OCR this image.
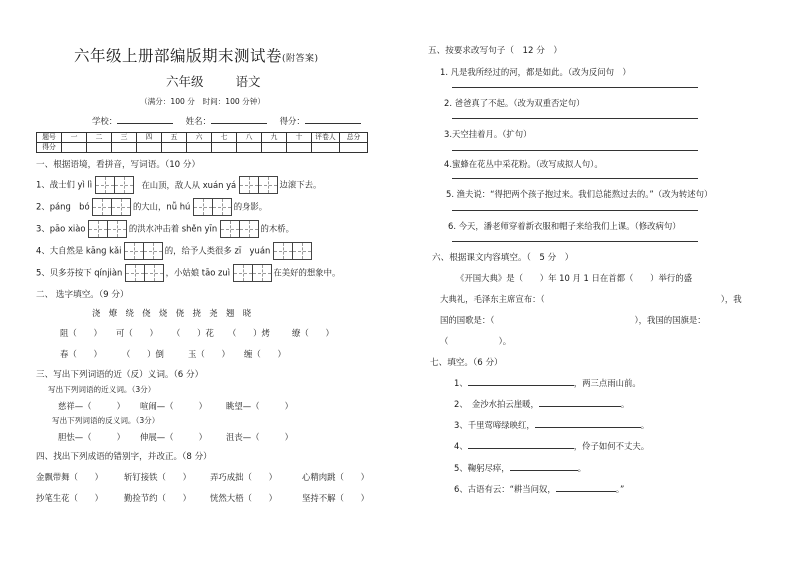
六年级上册部编版期末测试卷(附答案)
六年级	语文
（满分：100 分　时间：100 分钟）
学校：	姓名：	得分：
题号	一	二	三	四	五	六	七	八	九	十	评卷人	总分
得分												
一、根据语境，看拼音，写词语。（10 分）
1、战士们 yì lì	在山顶，敌人从 xuán yá	边滚下去。
2、pánɡ　bó	的大山，nǚ hú	的身影。
3、pāo xiào	的洪水冲击着 shěn yīn	的木桥。
4、大自然是 kānɡ kǎi	的，给予人类很多 zī　yuán
5、贝多芬按下 qínjiàn	，小姑娘 tāo zuì	在美好的想象中。
二、 选字填空。（9 分）
浇　燎　绕　侥　烧　侥　挠　尧　翘　晓
阻（　　） 可（　　） （　　）花 （　　）烤	缭（　　）
春（　　） （　　）倒	玉（　　） 缠（　　）
三、写出下列词语的近（反）义词。（6 分）
写出下列词语的近义词。（3分）
慈祥—（　　　） 喧闹—（　　　） 眺望—（　　　）
写出下列词语的反义词。（3分）
胆怯—（　　　） 伸展—（　　　） 沮丧—（　　　）
四、找出下列成语的错别字，并改正。（8 分）
金飘带舞（　　）	斩钉接铁（　　） 弄巧成拙（　　）	心精肉跳（　　）
抄笔生花（　　）	勤捡节约（　　） 恍然大梧（　　）	坚持不解（　　）
五、按要求改写句子（　12 分　）
1. 凡是我所经过的河，都是如此。（改为反问句　）
2. 爸爸真了不起。（改为双重否定句）
3.天空挂着月。（扩句）
4.蜜蜂在花丛中采花粉。（改写成拟人句）。
5. 渔夫说：“得把两个孩子抱过来。我们总能熬过去的。”（改为转述句）
6. 今天，潘老师穿着新衣服和帽子来给我们上课。（修改病句）
六、根据课文内容填空。（　5 分　）
《开国大典》是（　　）年 10 月 1 日在首都（　　）举行的盛
大典礼，毛泽东主席宣布：（	），我
国的国歌是：（	），我国的国旗是：
（　　　　　　）。
七、填空。（6 分）
1、	，两三点雨山前。
2、　金沙水拍云崖暖，	。
3、千里莺啼绿映红，	。
4、	，伶子如何不丈夫。
5、鞠躬尽瘁，	。
6、古语有云：“耕当问奴，	。”
